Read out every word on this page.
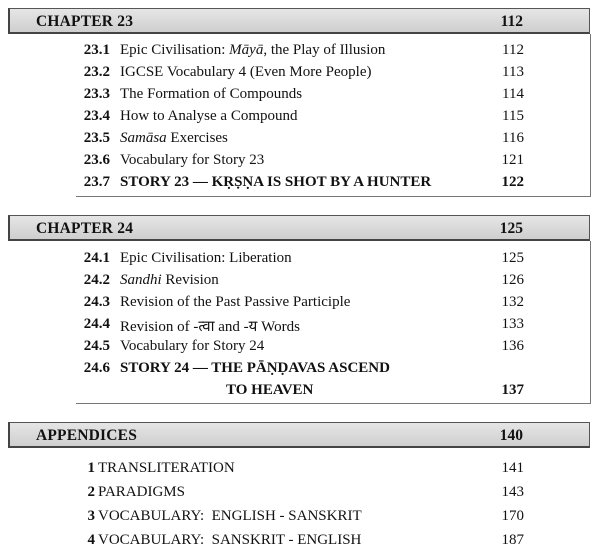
CHAPTER 23	112
23.1 Epic Civilisation: Māyā, the Play of Illusion	112
23.2 IGCSE Vocabulary 4 (Even More People)	113
23.3 The Formation of Compounds	114
23.4 How to Analyse a Compound	115
23.5 Samāsa Exercises	116
23.6 Vocabulary for Story 23	121
23.7 STORY 23 — KṚṢṆA IS SHOT BY A HUNTER	122
CHAPTER 24	125
24.1 Epic Civilisation: Liberation	125
24.2 Sandhi Revision	126
24.3 Revision of the Past Passive Participle	132
24.4 Revision of -त्वा and -य Words	133
24.5 Vocabulary for Story 24	136
24.6 STORY 24 — THE PĀṆḌAVAS ASCEND
TO HEAVEN	137
APPENDICES	140
1 TRANSLITERATION	141
2 PARADIGMS	143
3 VOCABULARY:  ENGLISH - SANSKRIT	170
4 VOCABULARY:  SANSKRIT - ENGLISH	187
